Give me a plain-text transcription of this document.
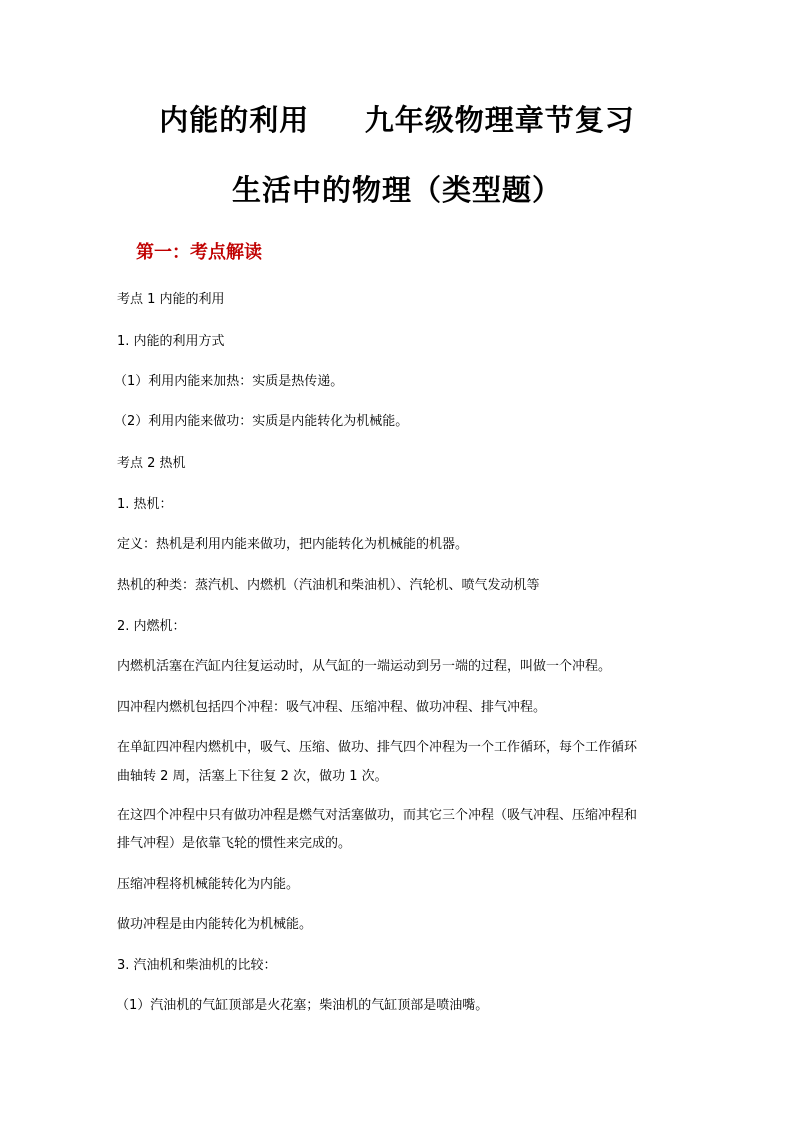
内能的利用     九年级物理章节复习
生活中的物理（类型题）
第一：考点解读
考点 1 内能的利用
1. 内能的利用方式
（1）利用内能来加热：实质是热传递。
（2）利用内能来做功：实质是内能转化为机械能。
考点 2 热机
1. 热机：
定义：热机是利用内能来做功，把内能转化为机械能的机器。
热机的种类：蒸汽机、内燃机（汽油机和柴油机）、汽轮机、喷气发动机等
2. 内燃机：
内燃机活塞在汽缸内往复运动时，从气缸的一端运动到另一端的过程，叫做一个冲程。
四冲程内燃机包括四个冲程：吸气冲程、压缩冲程、做功冲程、排气冲程。
在单缸四冲程内燃机中，吸气、压缩、做功、排气四个冲程为一个工作循环，每个工作循环
曲轴转 2 周，活塞上下往复 2 次，做功 1 次。
在这四个冲程中只有做功冲程是燃气对活塞做功，而其它三个冲程（吸气冲程、压缩冲程和
排气冲程）是依靠飞轮的惯性来完成的。
压缩冲程将机械能转化为内能。
做功冲程是由内能转化为机械能。
3. 汽油机和柴油机的比较：
（1）汽油机的气缸顶部是火花塞；柴油机的气缸顶部是喷油嘴。
